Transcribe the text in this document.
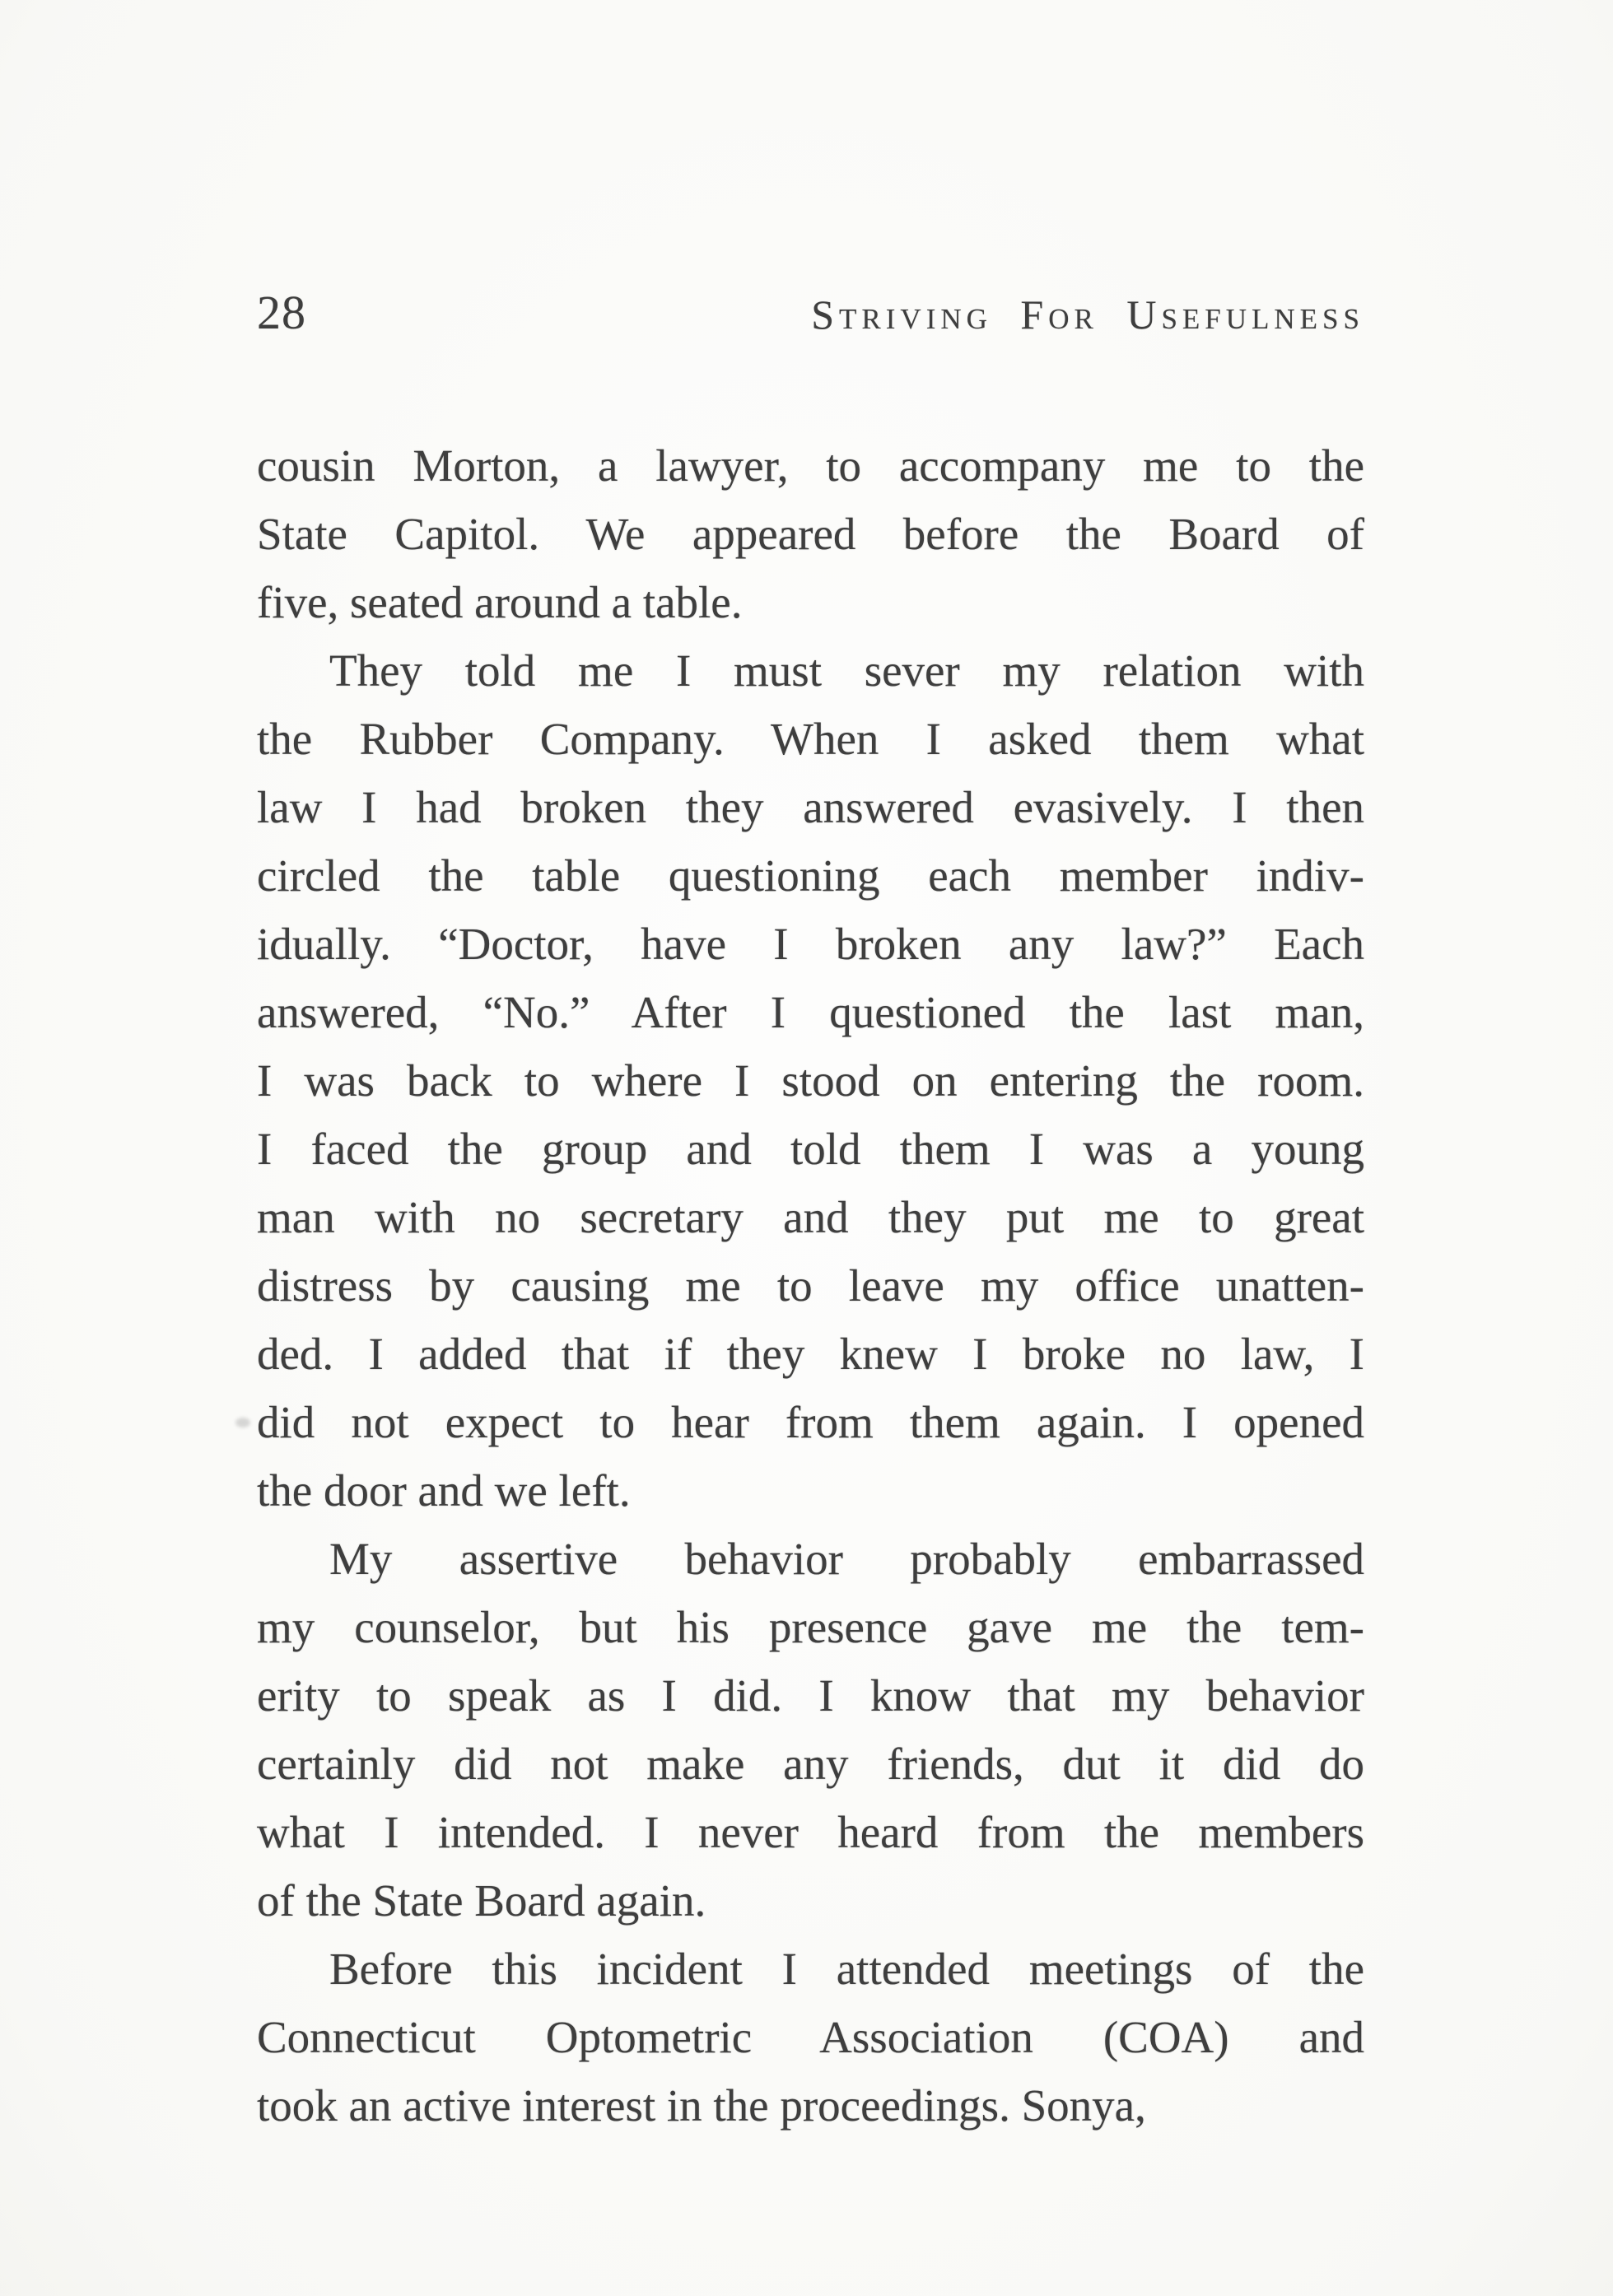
28	Striving For Usefulness
cousin Morton, a lawyer, to accompany me to the
State Capitol. We appeared before the Board of
five, seated around a table.
They told me I must sever my relation with
the Rubber Company. When I asked them what
law I had broken they answered evasively. I then
circled the table questioning each member indiv-
idually. “Doctor, have I broken any law?” Each
answered, “No.” After I questioned the last man,
I was back to where I stood on entering the room.
I faced the group and told them I was a young
man with no secretary and they put me to great
distress by causing me to leave my office unatten-
ded. I added that if they knew I broke no law, I
did not expect to hear from them again. I opened
the door and we left.
My assertive behavior probably embarrassed
my counselor, but his presence gave me the tem-
erity to speak as I did. I know that my behavior
certainly did not make any friends, dut it did do
what I intended. I never heard from the members
of the State Board again.
Before this incident I attended meetings of the
Connecticut Optometric Association (COA) and
took an active interest in the proceedings. Sonya,
